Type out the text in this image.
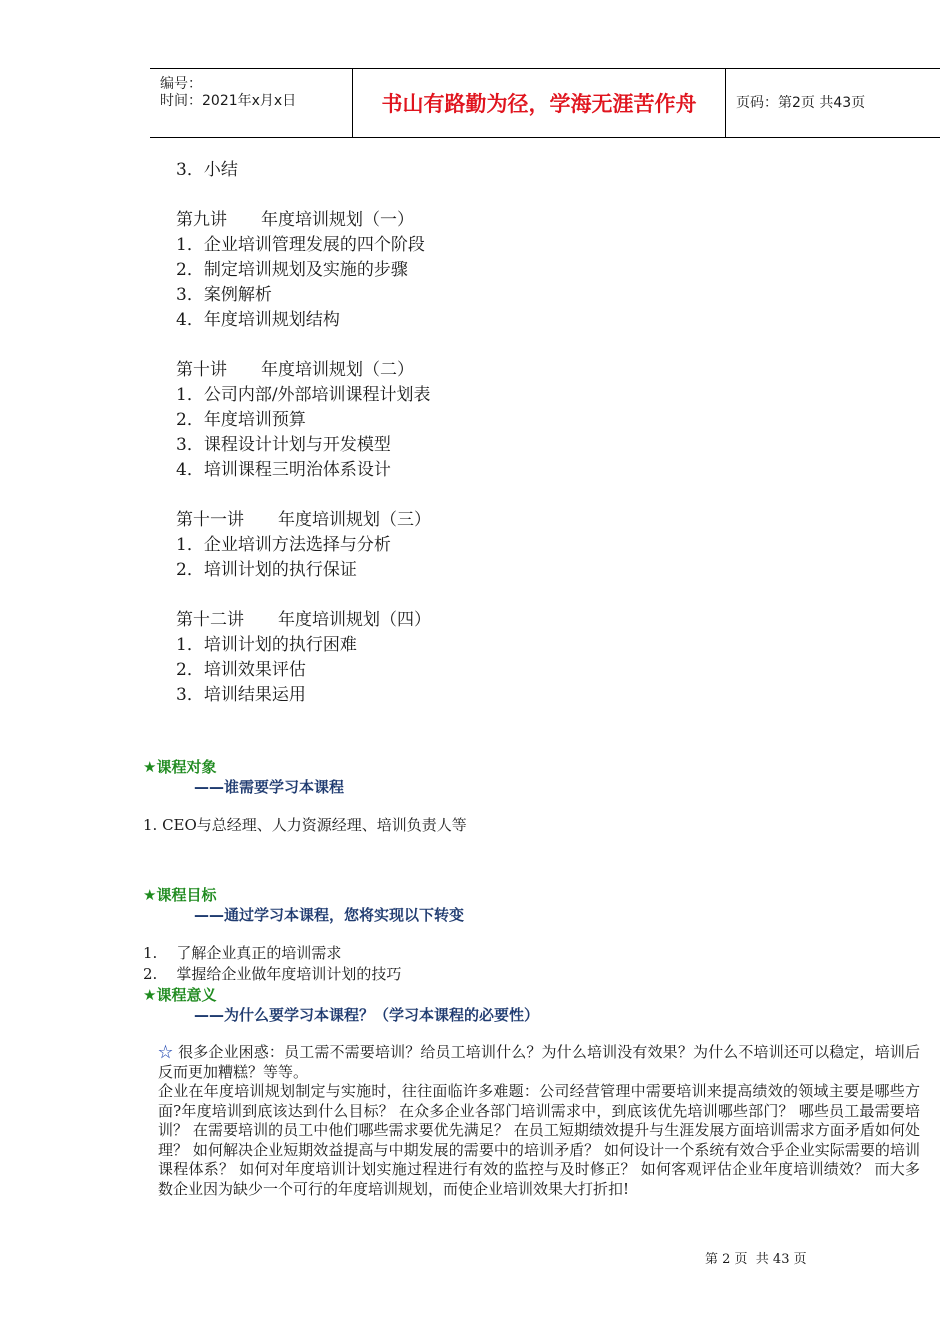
编号：
时间：2021年x月x日	书山有路勤为径，学海无涯苦作舟	页码：第2页 共43页
3．小结
第九讲　　年度培训规划（一）
1．企业培训管理发展的四个阶段
2．制定培训规划及实施的步骤
3．案例解析
4．年度培训规划结构
第十讲　　年度培训规划（二）
1．公司内部/外部培训课程计划表
2．年度培训预算
3．课程设计计划与开发模型
4．培训课程三明治体系设计
第十一讲　　年度培训规划（三）
1．企业培训方法选择与分析
2．培训计划的执行保证
第十二讲　　年度培训规划（四）
1．培训计划的执行困难
2．培训效果评估
3．培训结果运用
★课程对象
——谁需要学习本课程
1. CEO与总经理、人力资源经理、培训负责人等
★课程目标
——通过学习本课程，您将实现以下转变
1.    了解企业真正的培训需求
2.    掌握给企业做年度培训计划的技巧
★课程意义
——为什么要学习本课程？（学习本课程的必要性）
☆ 很多企业困惑：员工需不需要培训？给员工培训什么？为什么培训没有效果？为什么不培训还可以稳定，培训后反而更加糟糕？等等。
企业在年度培训规划制定与实施时，往往面临许多难题：公司经营管理中需要培训来提高绩效的领域主要是哪些方面?年度培训到底该达到什么目标？ 在众多企业各部门培训需求中，到底该优先培训哪些部门？ 哪些员工最需要培训？ 在需要培训的员工中他们哪些需求要优先满足？ 在员工短期绩效提升与生涯发展方面培训需求方面矛盾如何处理？ 如何解决企业短期效益提高与中期发展的需要中的培训矛盾？ 如何设计一个系统有效合乎企业实际需要的培训课程体系？ 如何对年度培训计划实施过程进行有效的监控与及时修正？ 如何客观评估企业年度培训绩效？ 而大多数企业因为缺少一个可行的年度培训规划，而使企业培训效果大打折扣!
第 2 页  共 43 页
